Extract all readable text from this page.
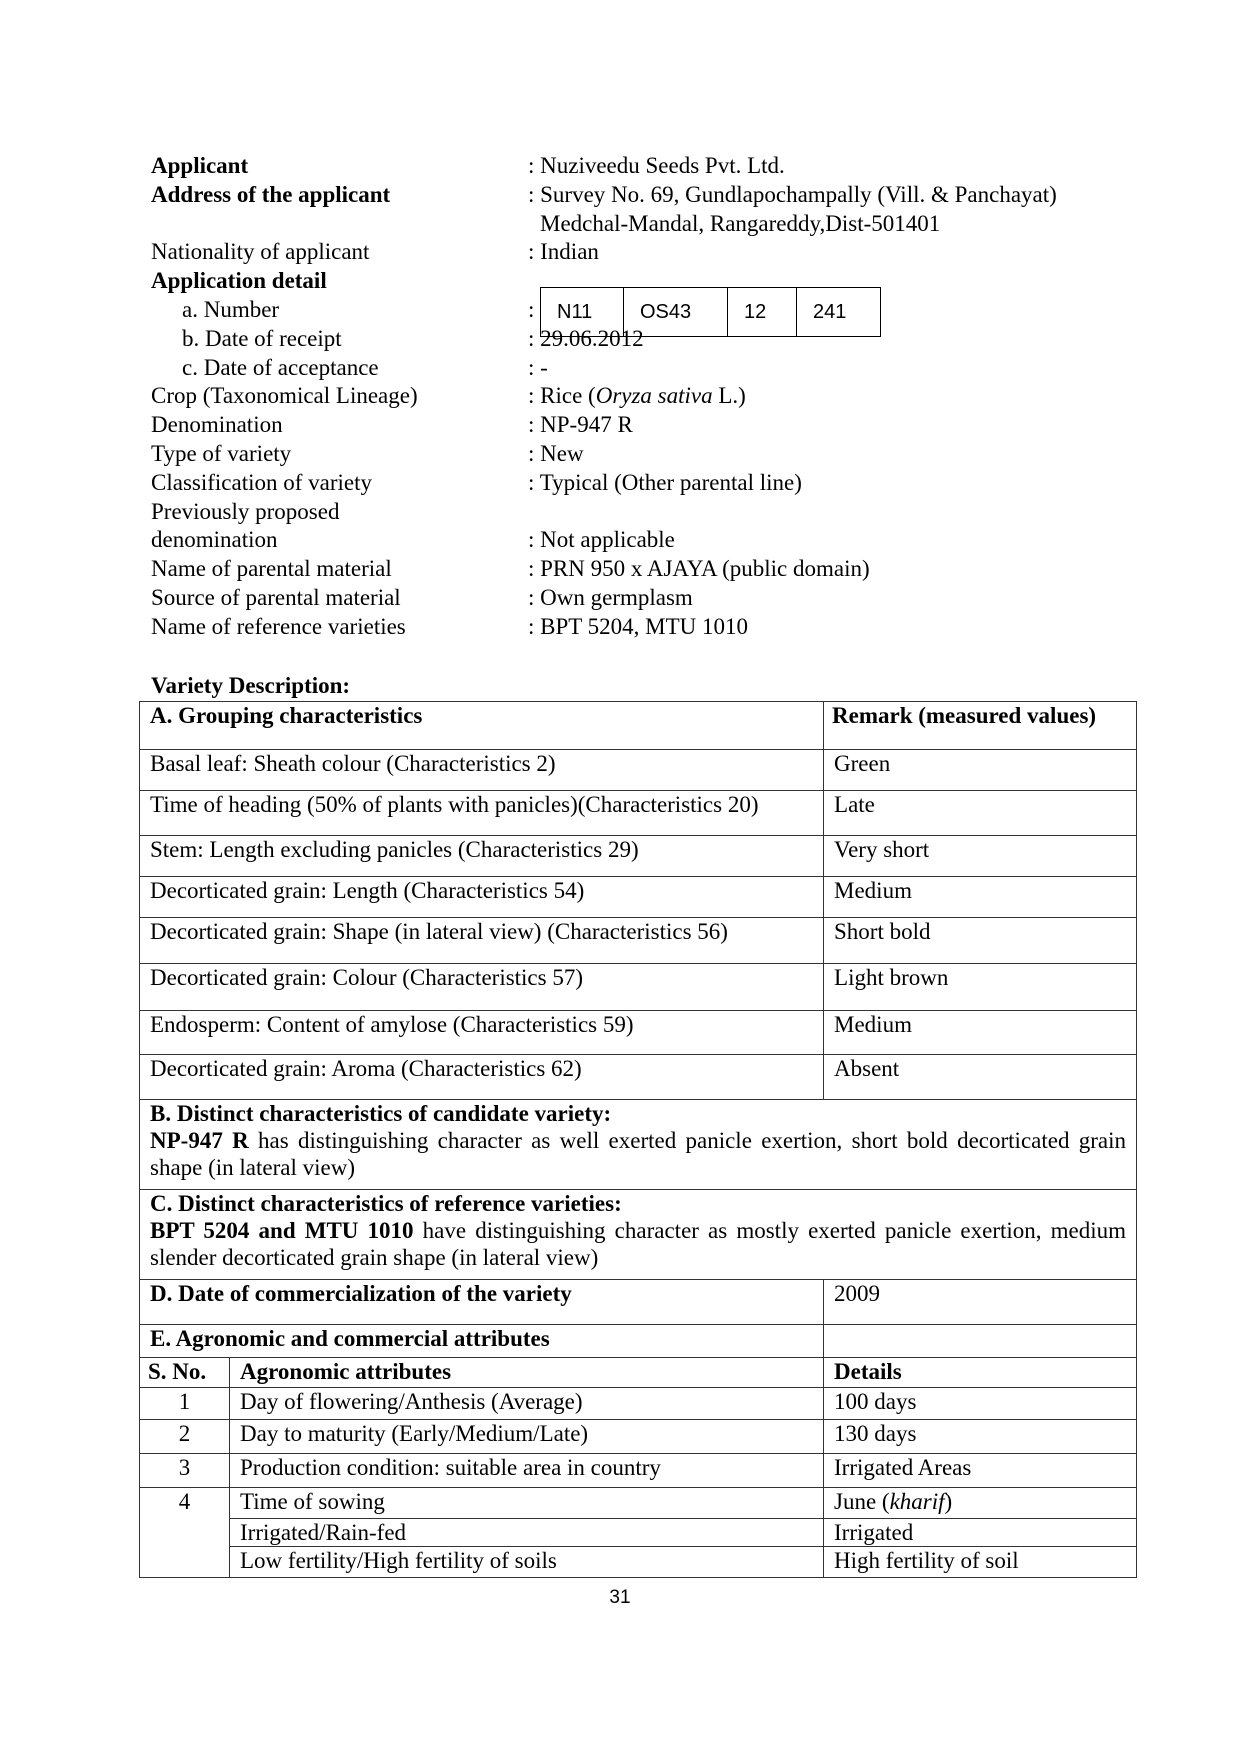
Applicant	: Nuziveedu Seeds Pvt. Ltd.
Address of the applicant	: Survey No. 69, Gundlapochampally (Vill. & Panchayat)
Medchal-Mandal, Rangareddy,Dist-501401
Nationality of applicant	: Indian
Application detail
a. Number	:	N11	OS43	12	241
b. Date of receipt	: 29.06.2012
c. Date of acceptance	: -
Crop (Taxonomical Lineage)	: Rice (Oryza sativa L.)
Denomination	: NP-947 R
Type of variety	: New
Classification of variety	: Typical (Other parental line)
Previously proposed
denomination	: Not applicable
Name of parental material	: PRN 950 x AJAYA (public domain)
Source of parental material	: Own germplasm
Name of reference varieties	: BPT 5204, MTU 1010
Variety Description:
A. Grouping characteristics		Remark (measured values)
Basal leaf: Sheath colour (Characteristics 2)		Green
Time of heading (50% of plants with panicles)(Characteristics 20)		Late
Stem: Length excluding panicles (Characteristics 29)		Very short
Decorticated grain: Length (Characteristics 54)		Medium
Decorticated grain: Shape (in lateral view) (Characteristics 56)		Short bold
Decorticated grain: Colour (Characteristics 57)		Light brown
Endosperm: Content of amylose (Characteristics 59)		Medium
Decorticated grain: Aroma (Characteristics 62)		Absent

B. Distinct characteristics of candidate variety:
NP-947 R has distinguishing character as well exerted panicle exertion, short bold decorticated grain shape (in lateral view)		

C. Distinct characteristics of reference varieties:
BPT 5204 and MTU 1010 have distinguishing character as mostly exerted panicle exertion, medium slender decorticated grain shape (in lateral view)		

D. Date of commercialization of the variety		2009
E. Agronomic and commercial attributes		
S. No.	Agronomic attributes	Details
1	Day of flowering/Anthesis (Average)	100 days
2	Day to maturity (Early/Medium/Late)	130 days
3	Production condition: suitable area in country	Irrigated Areas
4	Time of sowing	June (kharif)
	Irrigated/Rain-fed	Irrigated
	Low fertility/High fertility of soils	High fertility of soil
31
